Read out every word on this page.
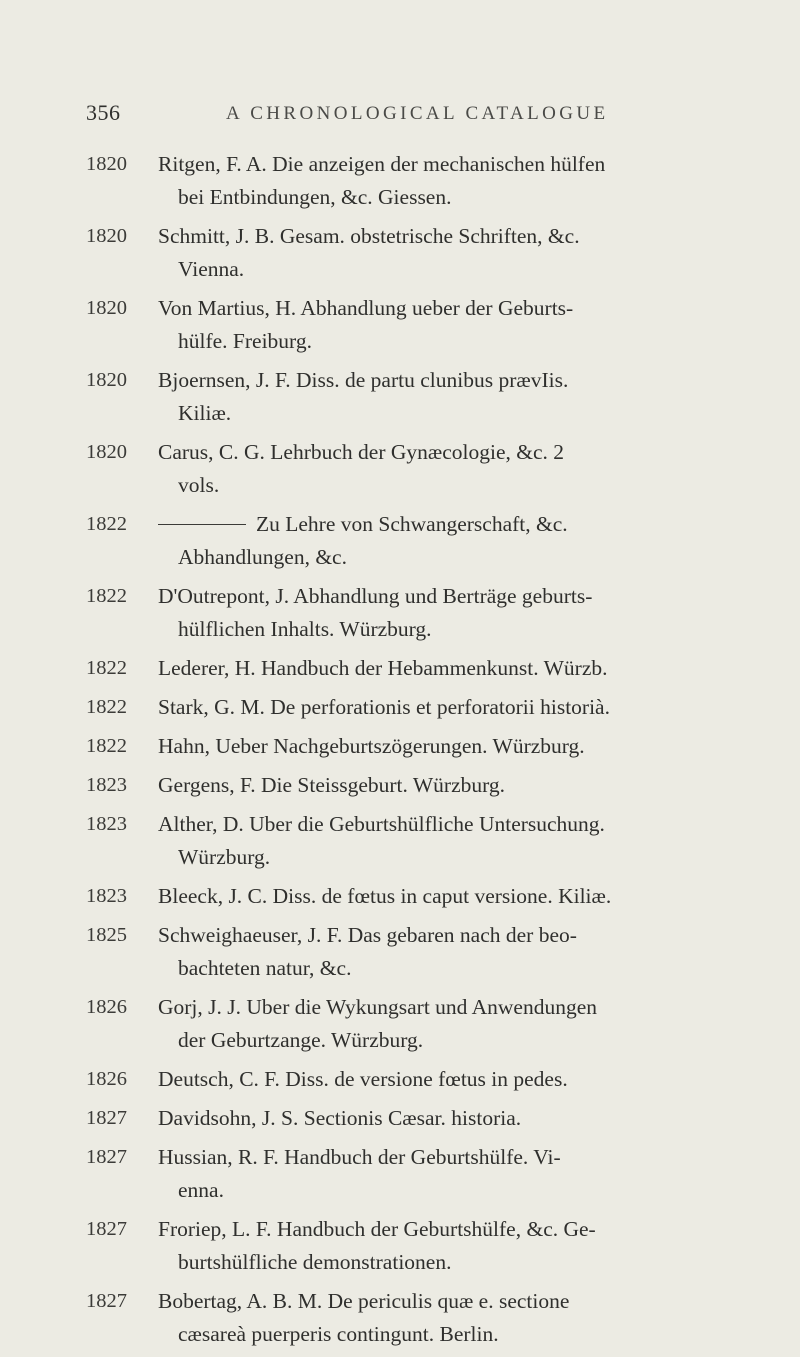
356	A CHRONOLOGICAL CATALOGUE
1820	Ritgen, F. A. Die anzeigen der mechanischen hülfen
bei Entbindungen, &c. Giessen.
1820	Schmitt, J. B. Gesam. obstetrische Schriften, &c.
Vienna.
1820	Von Martius, H. Abhandlung ueber der Geburts-
hülfe. Freiburg.
1820	Bjoernsen, J. F. Diss. de partu clunibus prævIis.
Kiliæ.
1820	Carus, C. G. Lehrbuch der Gynæcologie, &c. 2
vols.
1822	Zu Lehre von Schwangerschaft, &c.
Abhandlungen, &c.
1822	D'Outrepont, J. Abhandlung und Berträge geburts-
hülflichen Inhalts. Würzburg.
1822	Lederer, H. Handbuch der Hebammenkunst. Würzb.
1822	Stark, G. M. De perforationis et perforatorii historià.
1822	Hahn, Ueber Nachgeburtszögerungen. Würzburg.
1823	Gergens, F. Die Steissgeburt. Würzburg.
1823	Alther, D. Uber die Geburtshülfliche Untersuchung.
Würzburg.
1823	Bleeck, J. C. Diss. de fœtus in caput versione. Kiliæ.
1825	Schweighaeuser, J. F. Das gebaren nach der beo-
bachteten natur, &c.
1826	Gorj, J. J. Uber die Wykungsart und Anwendungen
der Geburtzange. Würzburg.
1826	Deutsch, C. F. Diss. de versione fœtus in pedes.
1827	Davidsohn, J. S. Sectionis Cæsar. historia.
1827	Hussian, R. F. Handbuch der Geburtshülfe. Vi-
enna.
1827	Froriep, L. F. Handbuch der Geburtshülfe, &c. Ge-
burtshülfliche demonstrationen.
1827	Bobertag, A. B. M. De periculis quæ e. sectione
cæsareà puerperis contingunt. Berlin.
